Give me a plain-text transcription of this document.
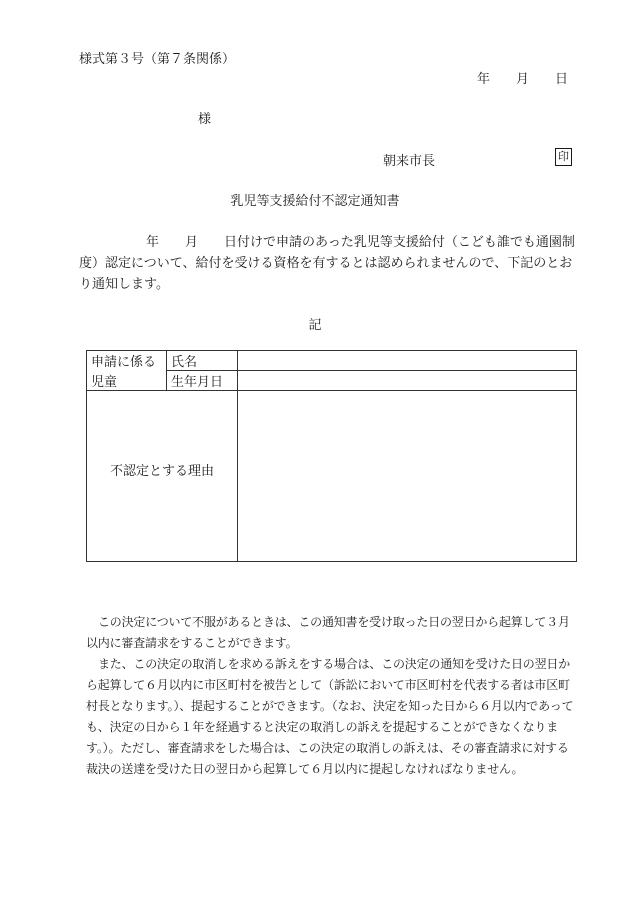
様式第３号（第７条関係）
年　　月　　日
様
朝来市長	印
乳児等支援給付不認定通知書
年　　月　　日付けで申請のあった乳児等支援給付（こども誰でも通園制度）認定について、給付を受ける資格を有するとは認められませんので、下記のとおり通知します。
記
申請に係る	氏名	
児童	生年月日	
不認定とする理由		

この決定について不服があるときは、この通知書を受け取った日の翌日から起算して３月以内に審査請求をすることができます。

また、この決定の取消しを求める訴えをする場合は、この決定の通知を受けた日の翌日から起算して６月以内に市区町村を被告として（訴訟において市区町村を代表する者は市区町村長となります。）、提起することができます。（なお、決定を知った日から６月以内であっても、決定の日から１年を経過すると決定の取消しの訴えを提起することができなくなります。）。ただし、審査請求をした場合は、この決定の取消しの訴えは、その審査請求に対する裁決の送達を受けた日の翌日から起算して６月以内に提起しなければなりません。
